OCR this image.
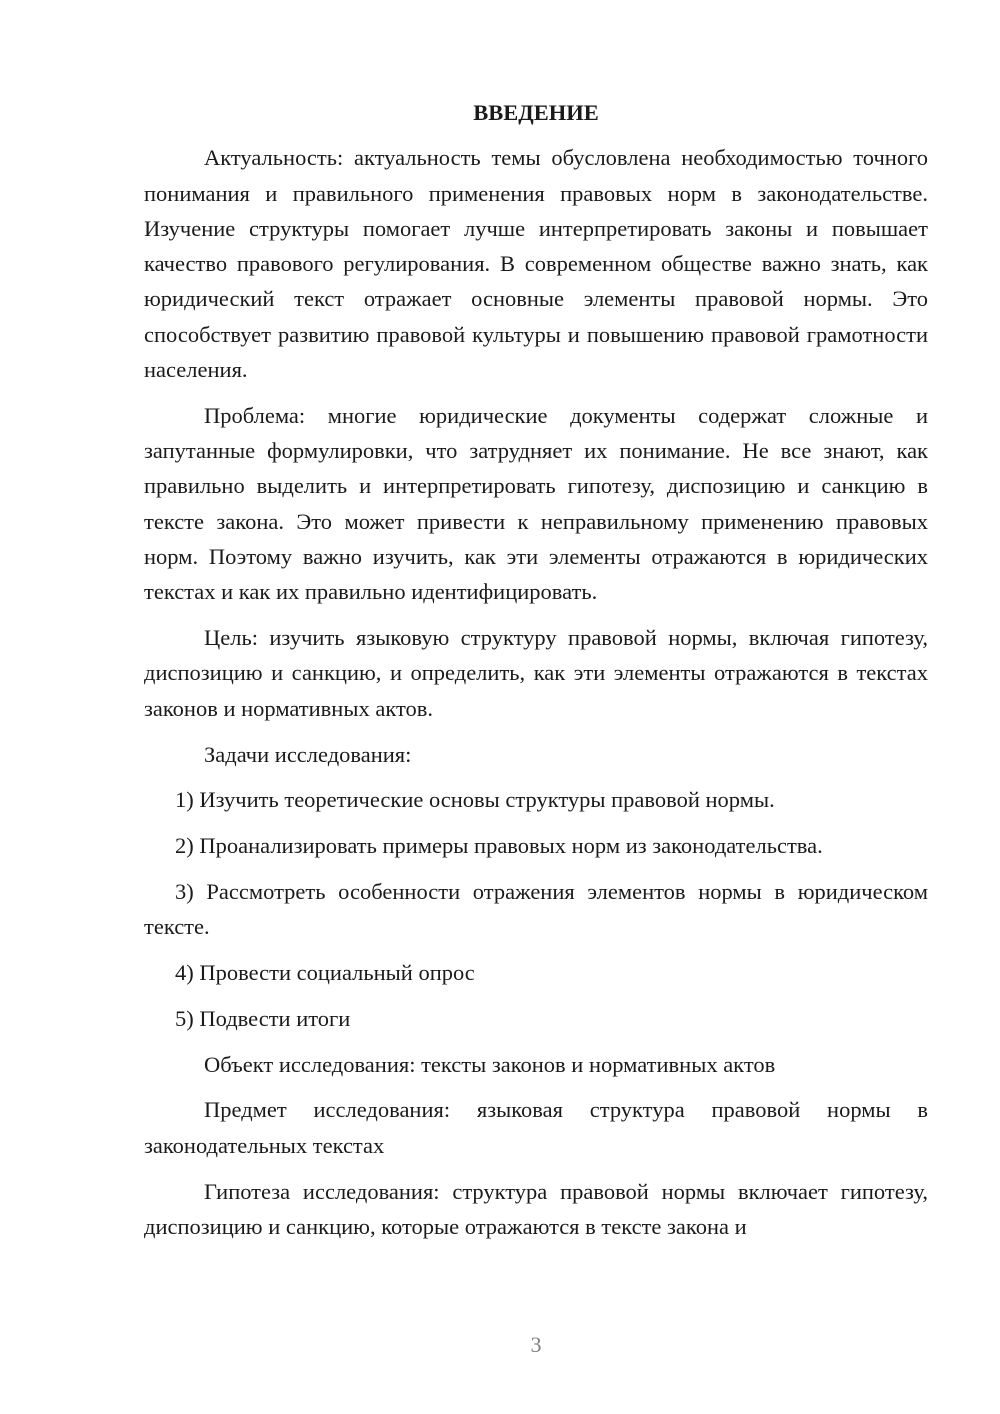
ВВЕДЕНИЕ

Актуальность: актуальность темы обусловлена необходимостью точного понимания и правильного применения правовых норм в законодательстве. Изучение структуры помогает лучше интерпретировать законы и повышает качество правового регулирования. В современном обществе важно знать, как юридический текст отражает основные элементы правовой нормы. Это способствует развитию правовой культуры и повышению правовой грамотности населения.

Проблема: многие юридические документы содержат сложные и запутанные формулировки, что затрудняет их понимание. Не все знают, как правильно выделить и интерпретировать гипотезу, диспозицию и санкцию в тексте закона. Это может привести к неправильному применению правовых норм. Поэтому важно изучить, как эти элементы отражаются в юридических текстах и как их правильно идентифицировать.

Цель: изучить языковую структуру правовой нормы, включая гипотезу, диспозицию и санкцию, и определить, как эти элементы отражаются в текстах законов и нормативных актов.

Задачи исследования:

1) Изучить теоретические основы структуры правовой нормы.

2) Проанализировать примеры правовых норм из законодательства.

3) Рассмотреть особенности отражения элементов нормы в юридическом тексте.

4) Провести социальный опрос

5) Подвести итоги

Объект исследования: тексты законов и нормативных актов

Предмет исследования: языковая структура правовой нормы в законодательных текстах

Гипотеза исследования: структура правовой нормы включает гипотезу, диспозицию и санкцию, которые отражаются в тексте закона и

3
